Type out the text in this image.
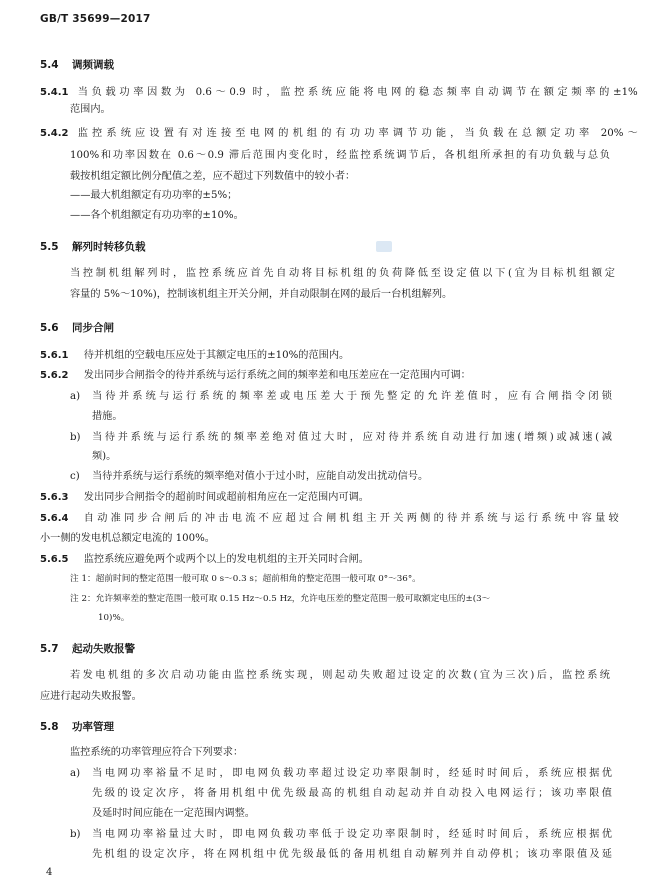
GB/T 35699—2017
5.4 调频调载
5.4.1 当负载功率因数为 0.6～0.9 时，监控系统应能将电网的稳态频率自动调节在额定频率的±1%
范围内。
5.4.2 监控系统应设置有对连接至电网的机组的有功功率调节功能，当负载在总额定功率 20%～
100%和功率因数在 0.6～0.9 滞后范围内变化时，经监控系统调节后，各机组所承担的有功负载与总负
载按机组定额比例分配值之差，应不超过下列数值中的较小者：
——最大机组额定有功功率的±5%；
——各个机组额定有功功率的±10%。
5.5 解列时转移负载
当控制机组解列时，监控系统应首先自动将目标机组的负荷降低至设定值以下(宜为目标机组额定
容量的 5%～10%)，控制该机组主开关分闸，并自动限制在网的最后一台机组解列。
5.6 同步合闸
5.6.1 待并机组的空载电压应处于其额定电压的±10%的范围内。
5.6.2 发出同步合闸指令的待并系统与运行系统之间的频率差和电压差应在一定范围内可调：
a) 当待并系统与运行系统的频率差或电压差大于预先整定的允许差值时，应有合闸指令闭锁
措施。
b) 当待并系统与运行系统的频率差绝对值过大时，应对待并系统自动进行加速(增频)或减速(减
频)。
c) 当待并系统与运行系统的频率绝对值小于过小时，应能自动发出扰动信号。
5.6.3 发出同步合闸指令的超前时间或超前相角应在一定范围内可调。
5.6.4 自动准同步合闸后的冲击电流不应超过合闸机组主开关两侧的待并系统与运行系统中容量较
小一侧的发电机总额定电流的 100%。
5.6.5 监控系统应避免两个或两个以上的发电机组的主开关同时合闸。
注 1：超前时间的整定范围一般可取 0 s～0.3 s；超前相角的整定范围一般可取 0°～36°。
注 2：允许频率差的整定范围一般可取 0.15 Hz～0.5 Hz，允许电压差的整定范围一般可取额定电压的±(3～
10)%。
5.7 起动失败报警
若发电机组的多次启动功能由监控系统实现，则起动失败超过设定的次数(宜为三次)后，监控系统
应进行起动失败报警。
5.8 功率管理
监控系统的功率管理应符合下列要求：
a) 当电网功率裕量不足时，即电网负载功率超过设定功率限制时，经延时时间后，系统应根据优
先级的设定次序，将备用机组中优先级最高的机组自动起动并自动投入电网运行；该功率限值
及延时时间应能在一定范围内调整。
b) 当电网功率裕量过大时，即电网负载功率低于设定功率限制时，经延时时间后，系统应根据优
先机组的设定次序，将在网机组中优先级最低的备用机组自动解列并自动停机；该功率限值及延
4
